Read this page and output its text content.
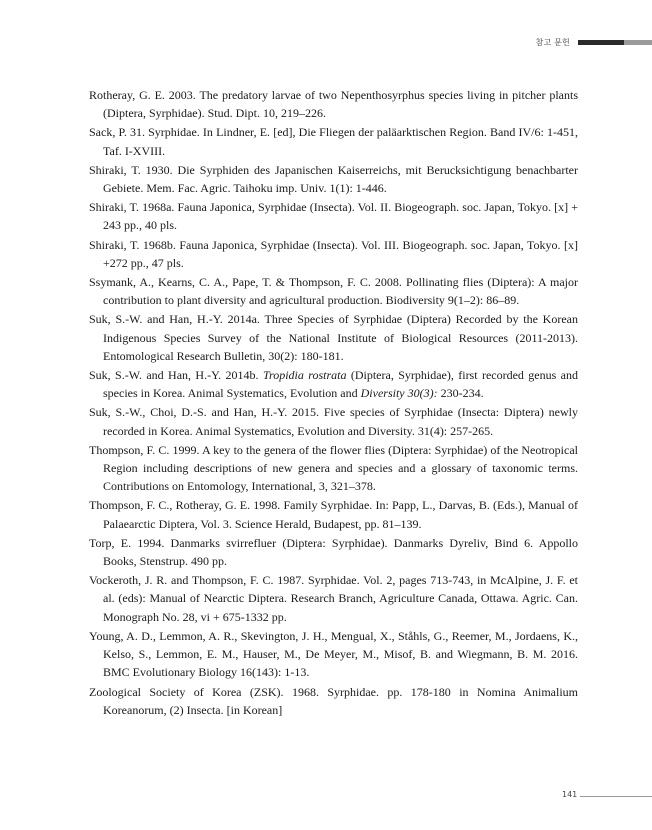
참고 문헌

Rotheray, G. E. 2003. The predatory larvae of two Nepenthosyrphus species living in pitcher plants (Diptera, Syrphidae). Stud. Dipt. 10, 219–226.

Sack, P. 31. Syrphidae. In Lindner, E. [ed], Die Fliegen der paläarktischen Region. Band IV/6: 1-451, Taf. I-XVIII.

Shiraki, T. 1930. Die Syrphiden des Japanischen Kaiserreichs, mit Berucksichtigung benachbarter Gebiete. Mem. Fac. Agric. Taihoku imp. Univ. 1(1): 1-446.

Shiraki, T. 1968a. Fauna Japonica, Syrphidae (Insecta). Vol. II. Biogeograph. soc. Japan, Tokyo. [x] + 243 pp., 40 pls.

Shiraki, T. 1968b. Fauna Japonica, Syrphidae (Insecta). Vol. III. Biogeograph. soc. Japan, Tokyo. [x] +272 pp., 47 pls.

Ssymank, A., Kearns, C. A., Pape, T. & Thompson, F. C. 2008. Pollinating flies (Diptera): A major contribution to plant diversity and agricultural production. Biodiversity 9(1–2): 86–89.

Suk, S.-W. and Han, H.-Y. 2014a. Three Species of Syrphidae (Diptera) Recorded by the Korean Indigenous Species Survey of the National Institute of Biological Resources (2011-2013). Entomological Research Bulletin, 30(2): 180-181.

Suk, S.-W. and Han, H.-Y. 2014b. Tropidia rostrata (Diptera, Syrphidae), first recorded genus and species in Korea. Animal Systematics, Evolution and Diversity 30(3): 230-234.

Suk, S.-W., Choi, D.-S. and Han, H.-Y. 2015. Five species of Syrphidae (Insecta: Diptera) newly recorded in Korea. Animal Systematics, Evolution and Diversity. 31(4): 257-265.

Thompson, F. C. 1999. A key to the genera of the flower flies (Diptera: Syrphidae) of the Neotropical Region including descriptions of new genera and species and a glossary of taxonomic terms. Contributions on Entomology, International, 3, 321–378.

Thompson, F. C., Rotheray, G. E. 1998. Family Syrphidae. In: Papp, L., Darvas, B. (Eds.), Manual of Palaearctic Diptera, Vol. 3. Science Herald, Budapest, pp. 81–139.

Torp, E. 1994. Danmarks svirrefluer (Diptera: Syrphidae). Danmarks Dyreliv, Bind 6. Appollo Books, Stenstrup. 490 pp.

Vockeroth, J. R. and Thompson, F. C. 1987. Syrphidae. Vol. 2, pages 713-743, in McAlpine, J. F. et al. (eds): Manual of Nearctic Diptera. Research Branch, Agriculture Canada, Ottawa. Agric. Can. Monograph No. 28, vi + 675-1332 pp.

Young, A. D., Lemmon, A. R., Skevington, J. H., Mengual, X., Ståhls, G., Reemer, M., Jordaens, K., Kelso, S., Lemmon, E. M., Hauser, M., De Meyer, M., Misof, B. and Wiegmann, B. M. 2016. BMC Evolutionary Biology 16(143): 1-13.

Zoological Society of Korea (ZSK). 1968. Syrphidae. pp. 178-180 in Nomina Animalium Koreanorum, (2) Insecta. [in Korean]

141
